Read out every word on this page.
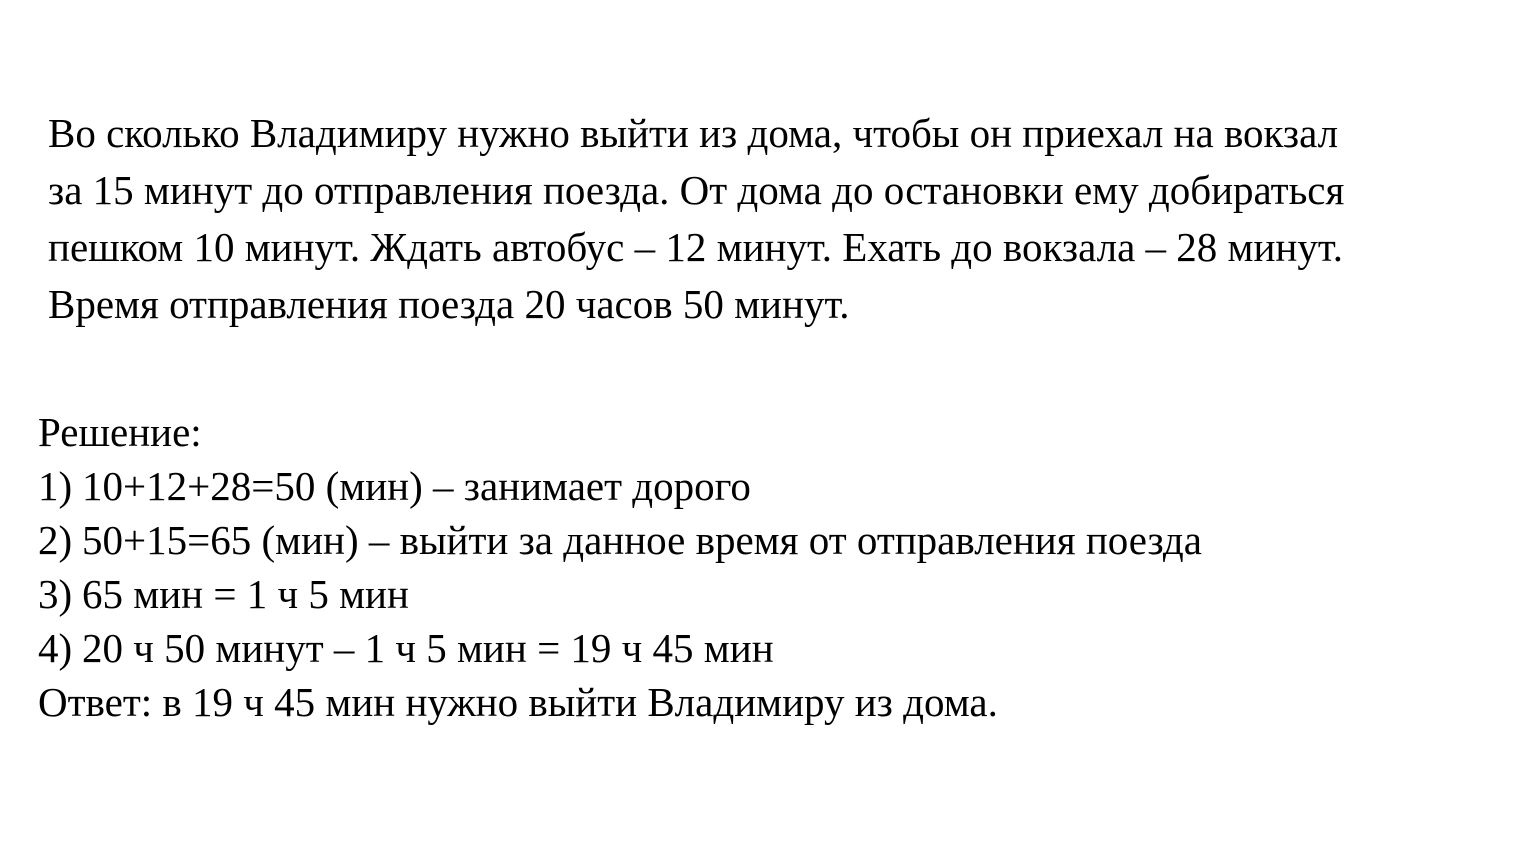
Во сколько Владимиру нужно выйти из дома, чтобы он приехал на вокзал
за 15 минут до отправления поезда. От дома до остановки ему добираться
пешком 10 минут. Ждать автобус – 12 минут. Ехать до вокзала – 28 минут.
Время отправления поезда 20 часов 50 минут.

Решение:
1) 10+12+28=50 (мин) – занимает дорого
2) 50+15=65 (мин) – выйти за данное время от отправления поезда
3) 65 мин = 1 ч 5 мин
4) 20 ч 50 минут – 1 ч 5 мин = 19 ч 45 мин
Ответ: в 19 ч 45 мин нужно выйти Владимиру из дома.
